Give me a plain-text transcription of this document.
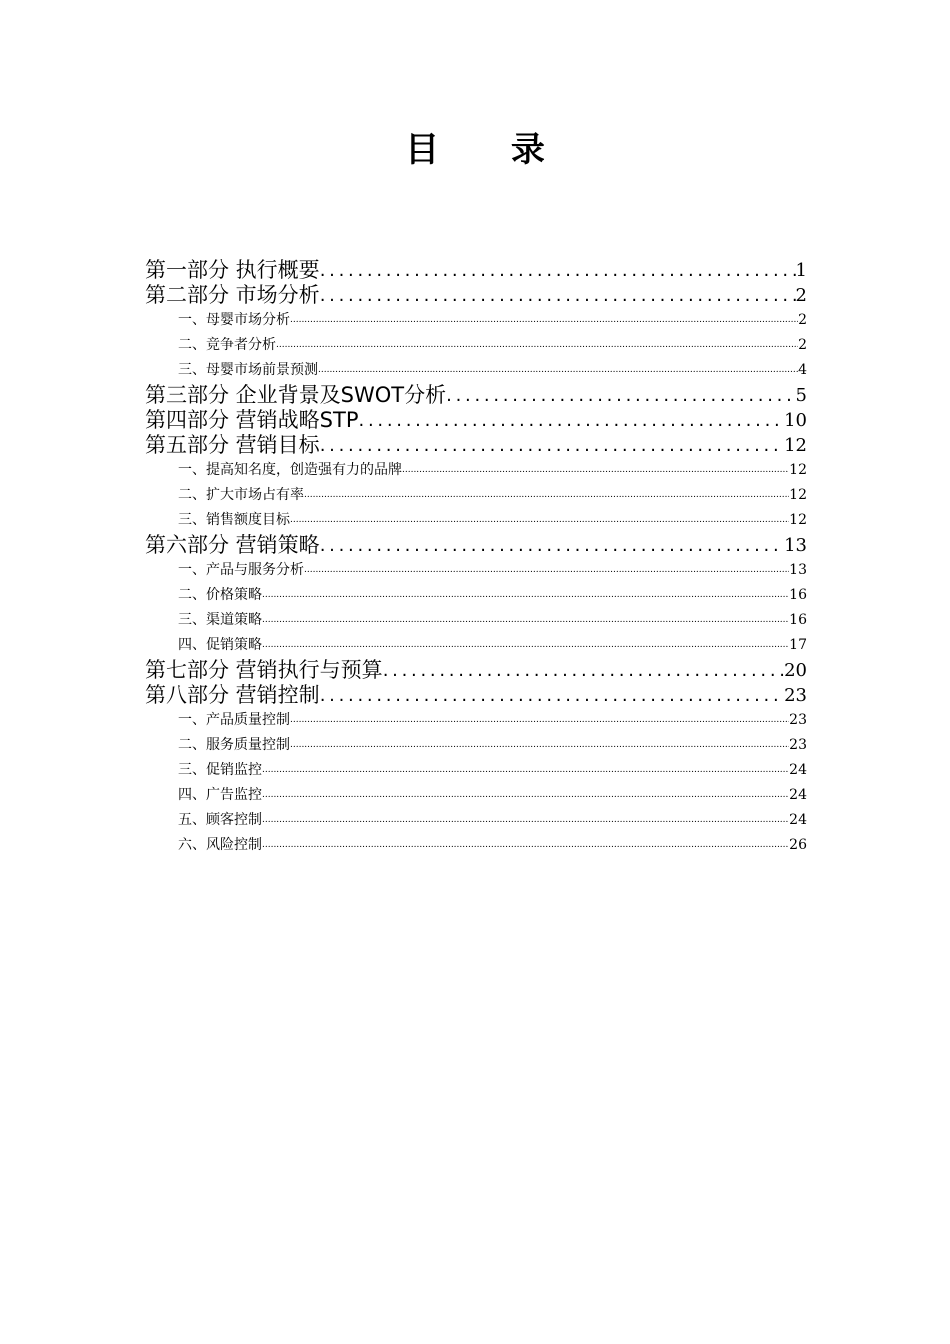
目 录
第一部分 执行概要 . . .	1
第二部分 市场分析 . . .	2
一、母婴市场分析 .....	2
二、竞争者分析 .....	2
三、母婴市场前景预测 .....	4
第三部分 企业背景及SWOT分析 . . .	5
第四部分 营销战略STP . . .	10
第五部分 营销目标 . . .	12
一、提高知名度，创造强有力的品牌 .....	12
二、扩大市场占有率 .....	12
三、销售额度目标 .....	12
第六部分 营销策略 . . .	13
一、产品与服务分析 .....	13
二、价格策略 .....	16
三、渠道策略 .....	16
四、促销策略 .....	17
第七部分 营销执行与预算 . . .	20
第八部分 营销控制 . . .	23
一、产品质量控制 .....	23
二、服务质量控制 .....	23
三、促销监控 .....	24
四、广告监控 .....	24
五、顾客控制 .....	24
六、风险控制 .....	26
